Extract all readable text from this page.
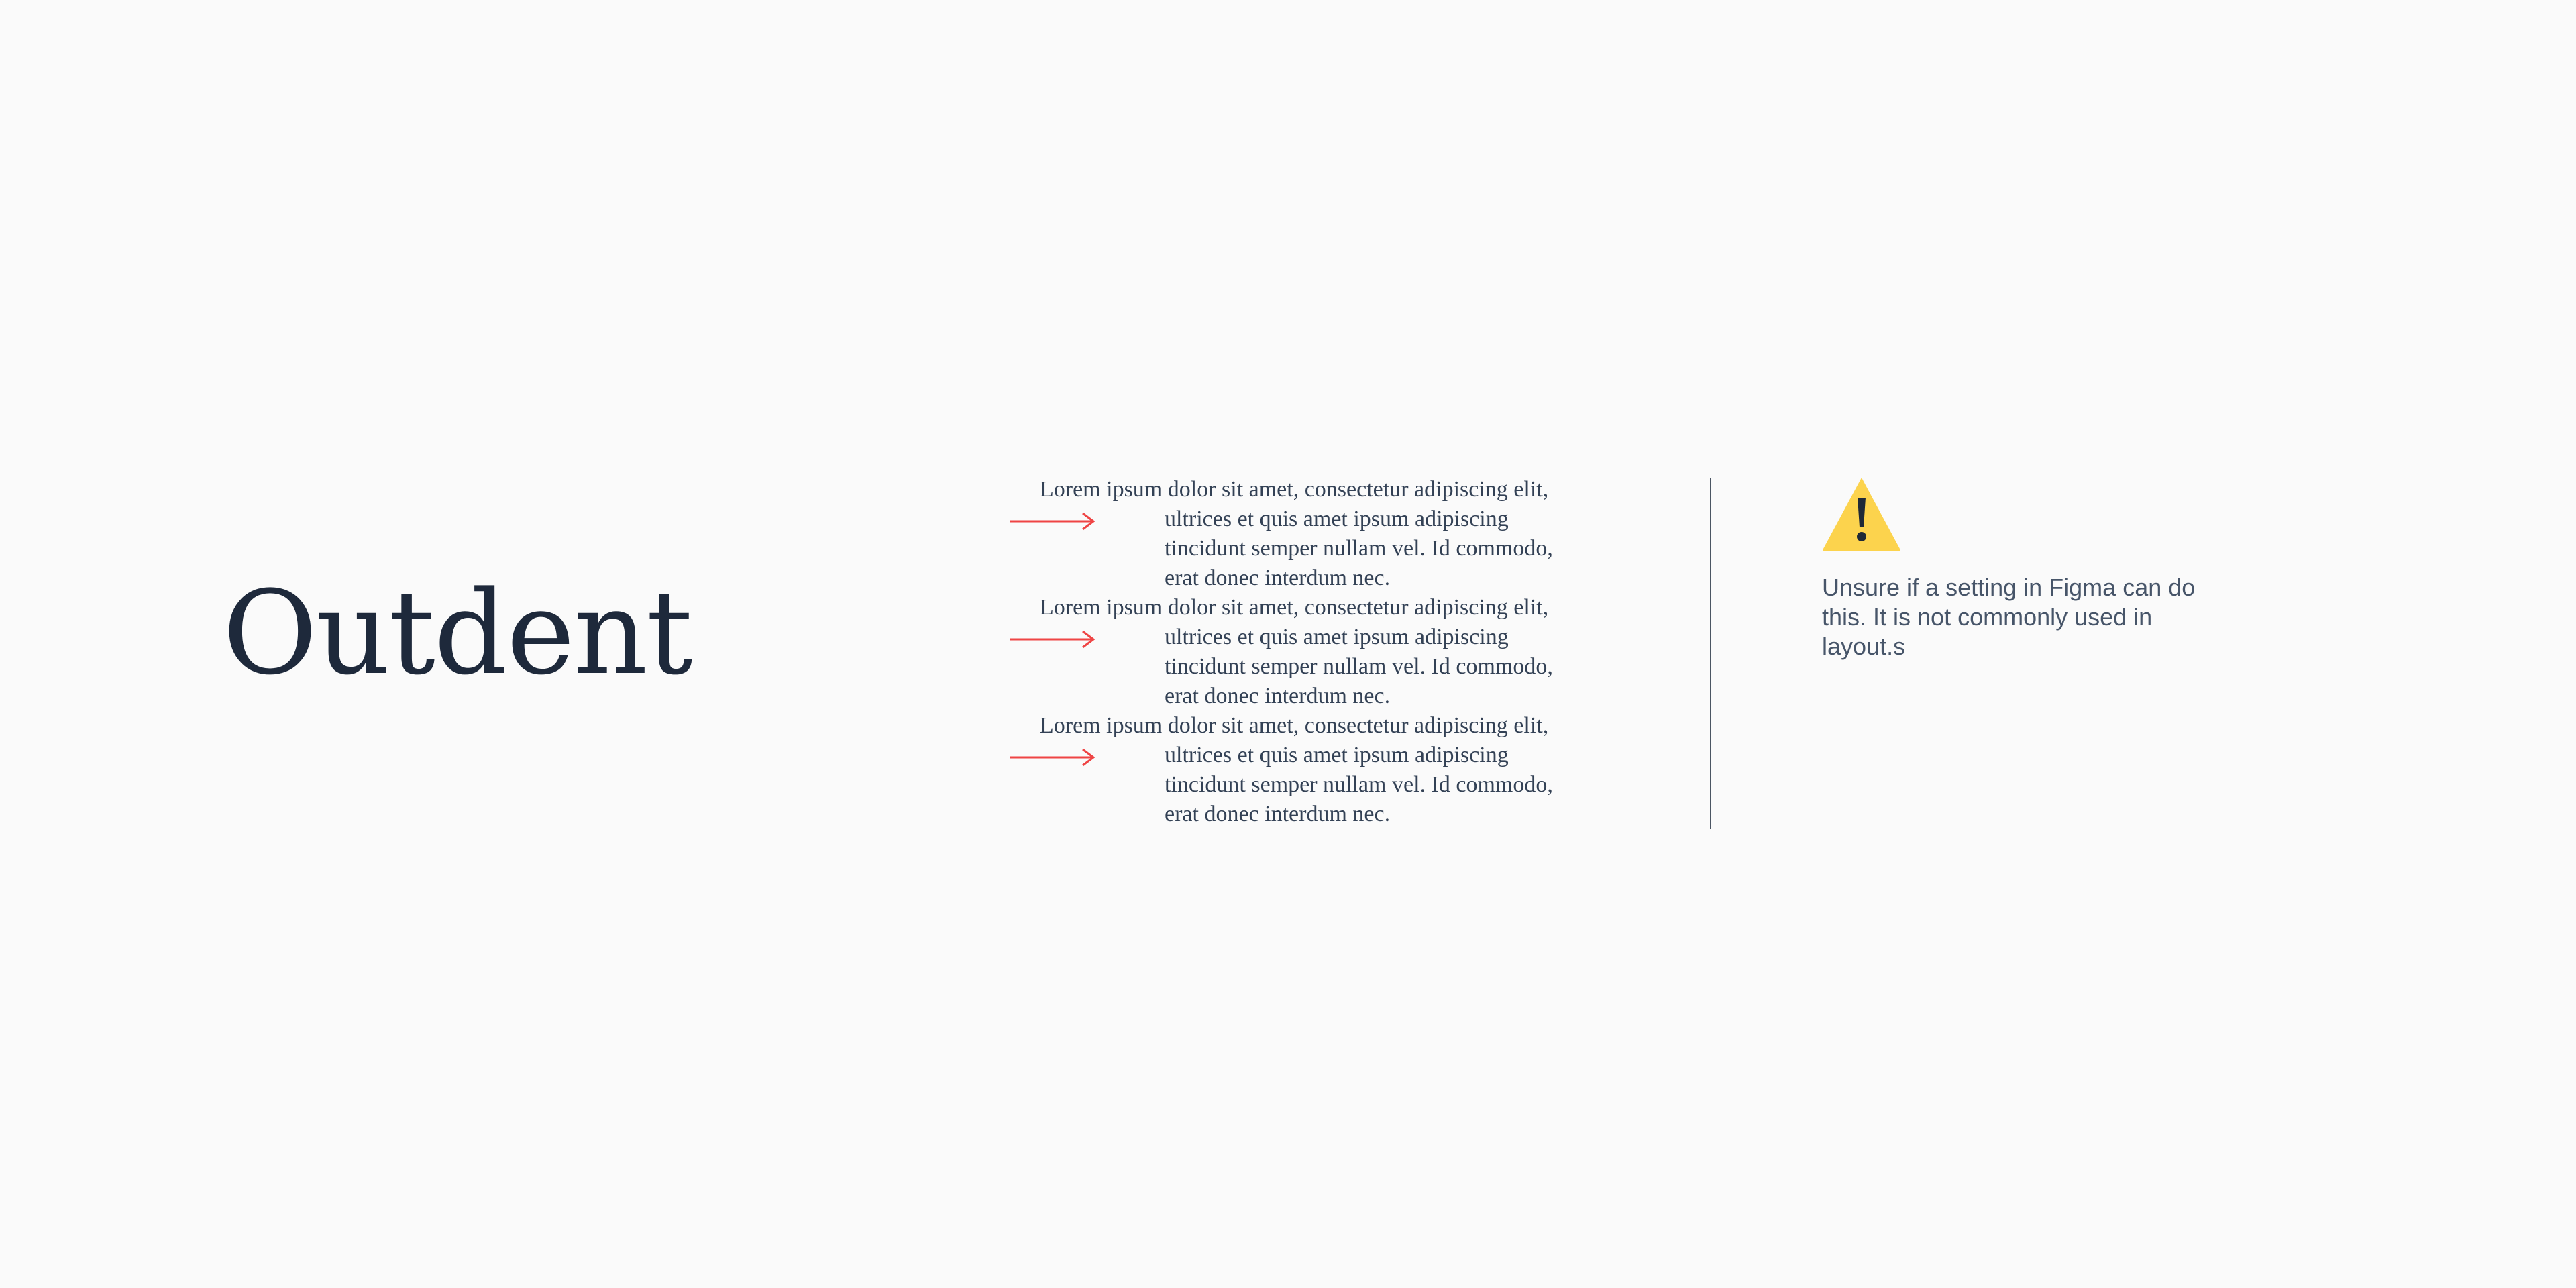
Outdent

Lorem ipsum dolor sit amet, consectetur adipiscing elit, ultrices et quis amet ipsum adipiscing tincidunt semper nullam vel. Id commodo, erat donec interdum nec.

Lorem ipsum dolor sit amet, consectetur adipiscing elit, ultrices et quis amet ipsum adipiscing tincidunt semper nullam vel. Id commodo, erat donec interdum nec.

Lorem ipsum dolor sit amet, consectetur adipiscing elit, ultrices et quis amet ipsum adipiscing tincidunt semper nullam vel. Id commodo, erat donec interdum nec.

Unsure if a setting in Figma can do this. It is not commonly used in layout.s
